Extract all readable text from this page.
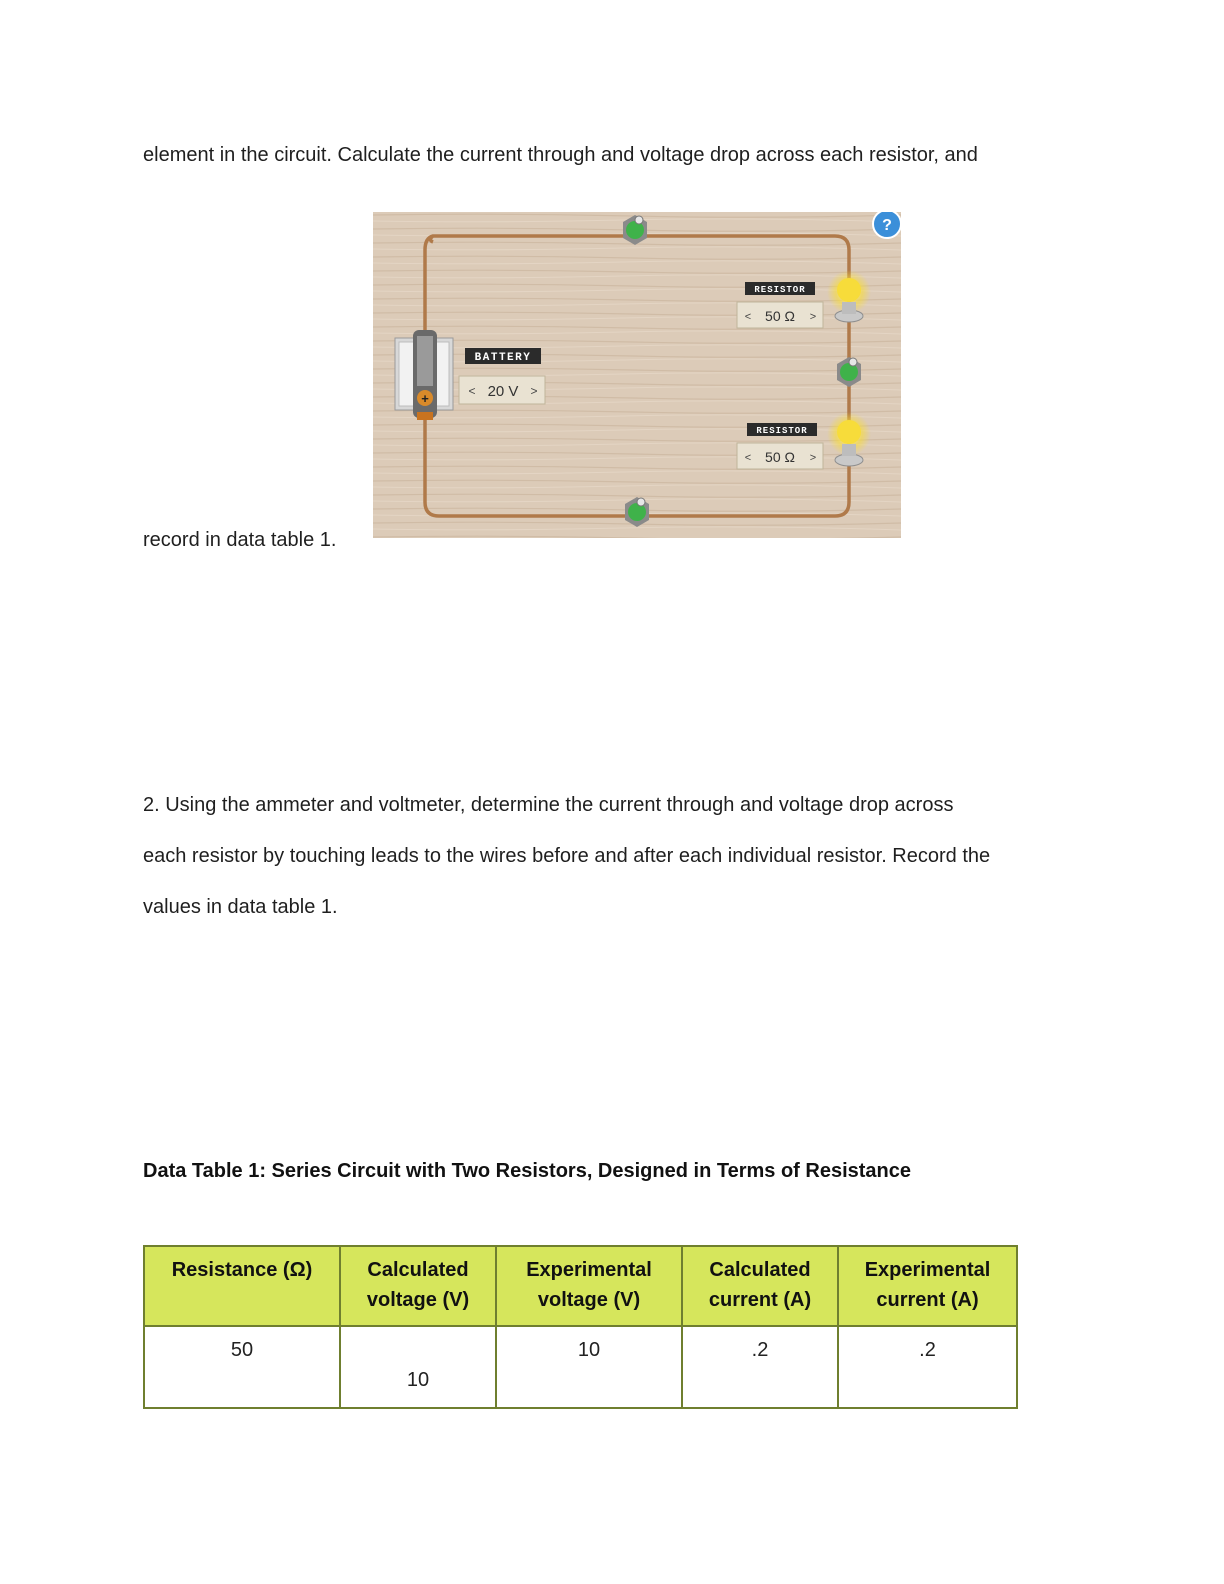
element in the circuit. Calculate the current through and voltage drop across each resistor, and

+
BATTERY
< 20 V >
?
RESISTOR
< 50 Ω >
RESISTOR
< 50 Ω >

record in data table 1.

2. Using the ammeter and voltmeter, determine the current through and voltage drop across

each resistor by touching leads to the wires before and after each individual resistor. Record the

values in data table 1.

Data Table 1: Series Circuit with Two Resistors, Designed in Terms of Resistance

Resistance (Ω)	Calculated voltage (V)	Experimental voltage (V)	Calculated current (A)	Experimental current (A)
50	10	10	.2	.2
